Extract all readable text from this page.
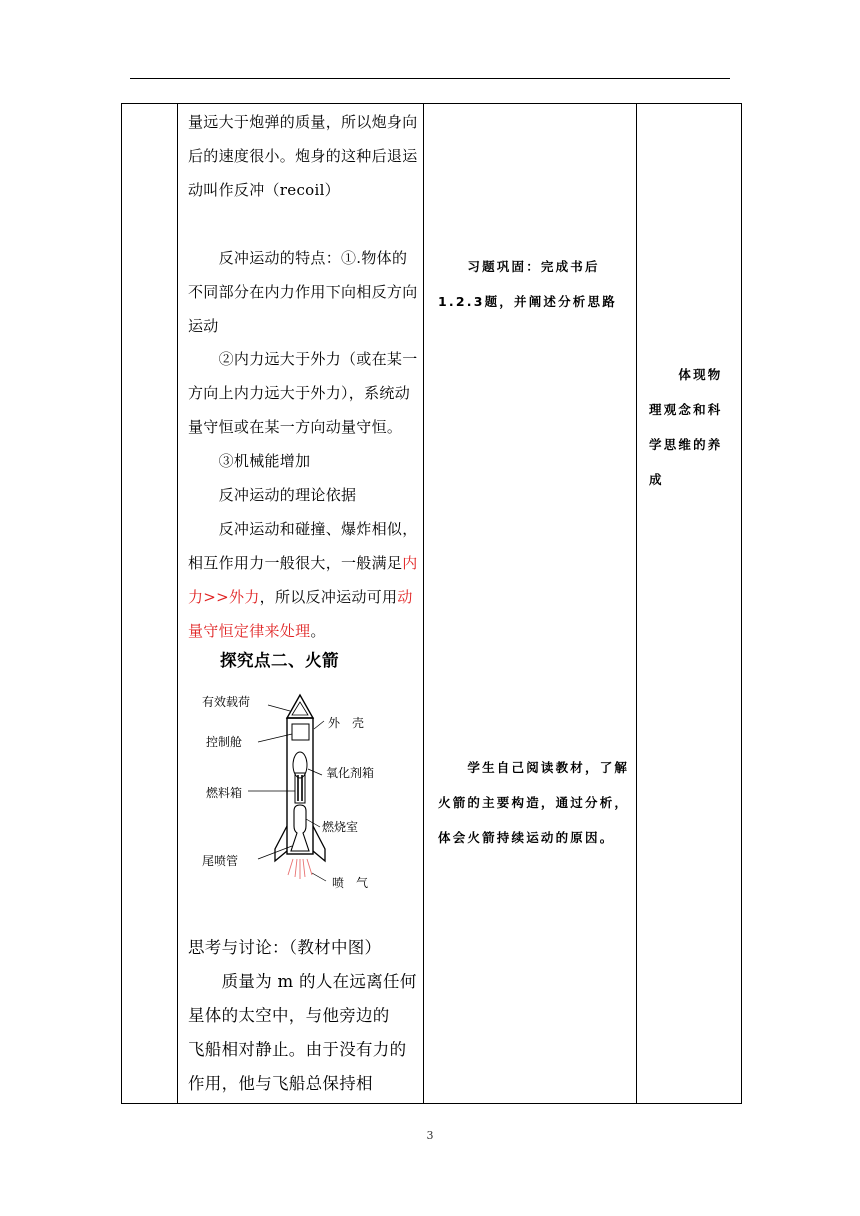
量远大于炮弹的质量，所以炮身向后的速度很小。炮身的这种后退运动叫作反冲（recoil）

　　反冲运动的特点：①.物体的不同部分在内力作用下向相反方向运动

　　②内力远大于外力（或在某一方向上内力远大于外力），系统动量守恒或在某一方向动量守恒。

　　③机械能增加

　　反冲运动的理论依据

　　反冲运动和碰撞、爆炸相似，相互作用力一般很大，一般满足内力>>外力，所以反冲运动可用动量守恒定律来处理。

探究点二、火箭
有效载荷
外　壳
控制舱
氧化剂箱
燃料箱
燃烧室
尾喷管
喷　气

思考与讨论：（教材中图）

　　质量为 m 的人在远离任何星体的太空中，与他旁边的　　飞船相对静止。由于没有力的作用，他与飞船总保持相

　　习题巩固：完成书后1.2.3题，并阐述分析思路
　　学生自己阅读教材，了解火箭的主要构造，通过分析，体会火箭持续运动的原因。

　　体现物理观念和科学思维的养成
3
